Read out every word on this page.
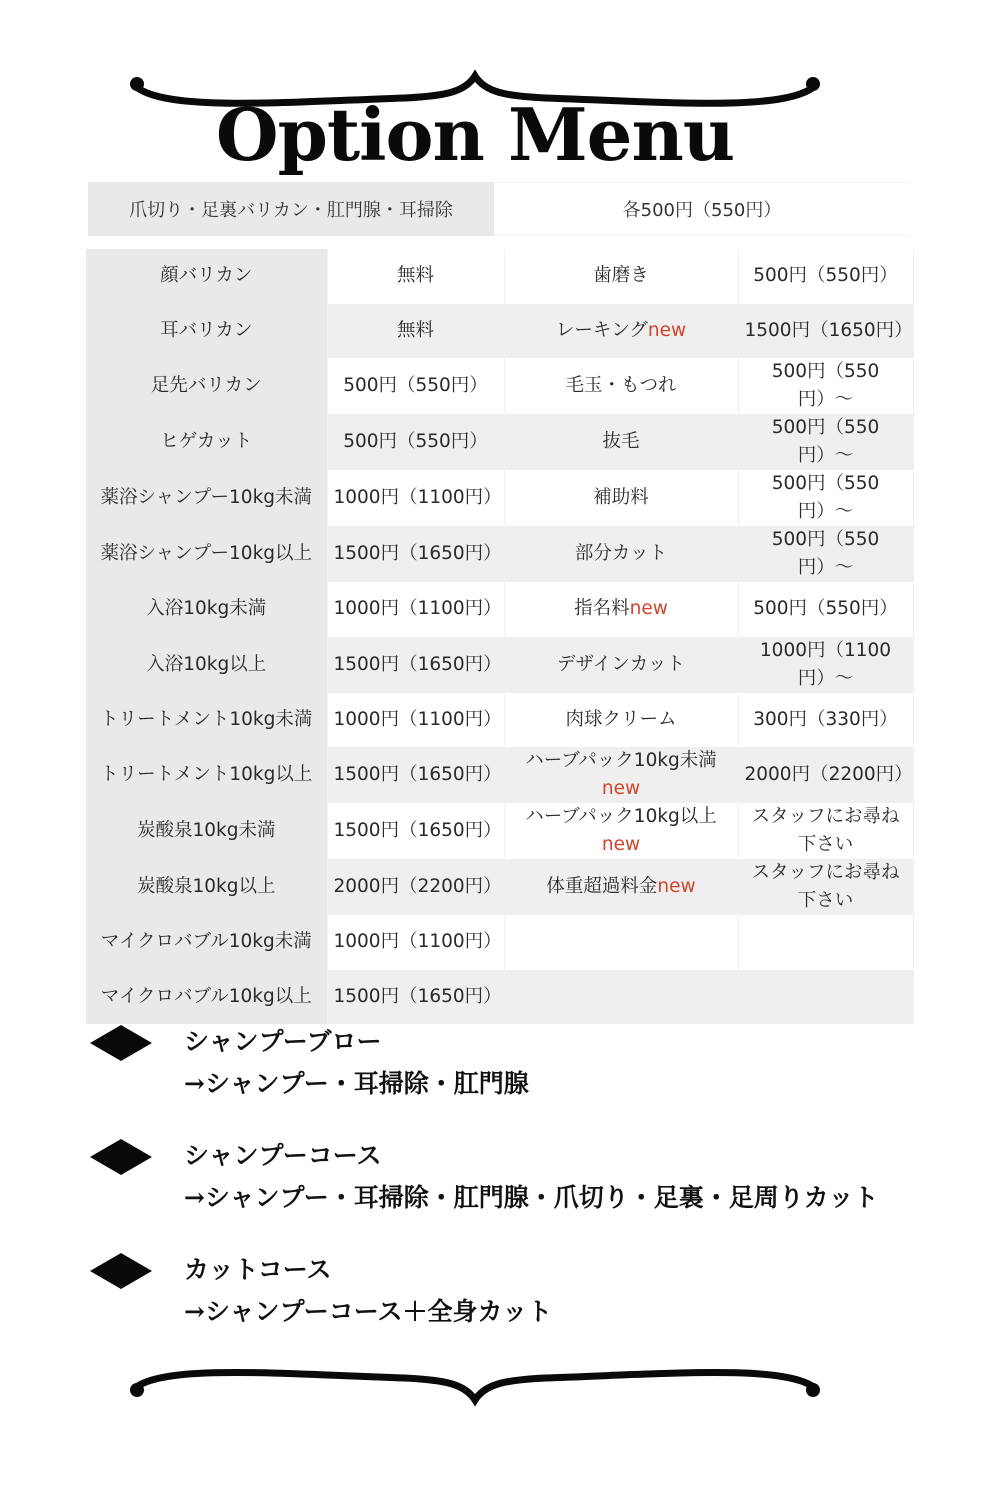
Option Menu
爪切り・足裏バリカン・肛門腺・耳掃除	各500円（550円）
顔バリカン	無料	歯磨き	500円（550円）
耳バリカン	無料	レーキングnew	1500円（1650円）
足先バリカン	500円（550円）	毛玉・もつれ	500円（550円）〜
ヒゲカット	500円（550円）	抜毛	500円（550円）〜
薬浴シャンプー10kg未満	1000円（1100円）	補助料	500円（550円）〜
薬浴シャンプー10kg以上	1500円（1650円）	部分カット	500円（550円）〜
入浴10kg未満	1000円（1100円）	指名料new	500円（550円）
入浴10kg以上	1500円（1650円）	デザインカット	1000円（1100円）〜
トリートメント10kg未満	1000円（1100円）	肉球クリーム	300円（330円）
トリートメント10kg以上	1500円（1650円）	ハーブパック10kg未満new	2000円（2200円）
炭酸泉10kg未満	1500円（1650円）	ハーブパック10kg以上new	スタッフにお尋ね下さい
炭酸泉10kg以上	2000円（2200円）	体重超過料金new	スタッフにお尋ね下さい
マイクロバブル10kg未満	1000円（1100円）		
マイクロバブル10kg以上	1500円（1650円）		
シャンプーブロー
→シャンプー・耳掃除・肛門腺
シャンプーコース
→シャンプー・耳掃除・肛門腺・爪切り・足裏・足周りカット
カットコース
→シャンプーコース＋全身カット
